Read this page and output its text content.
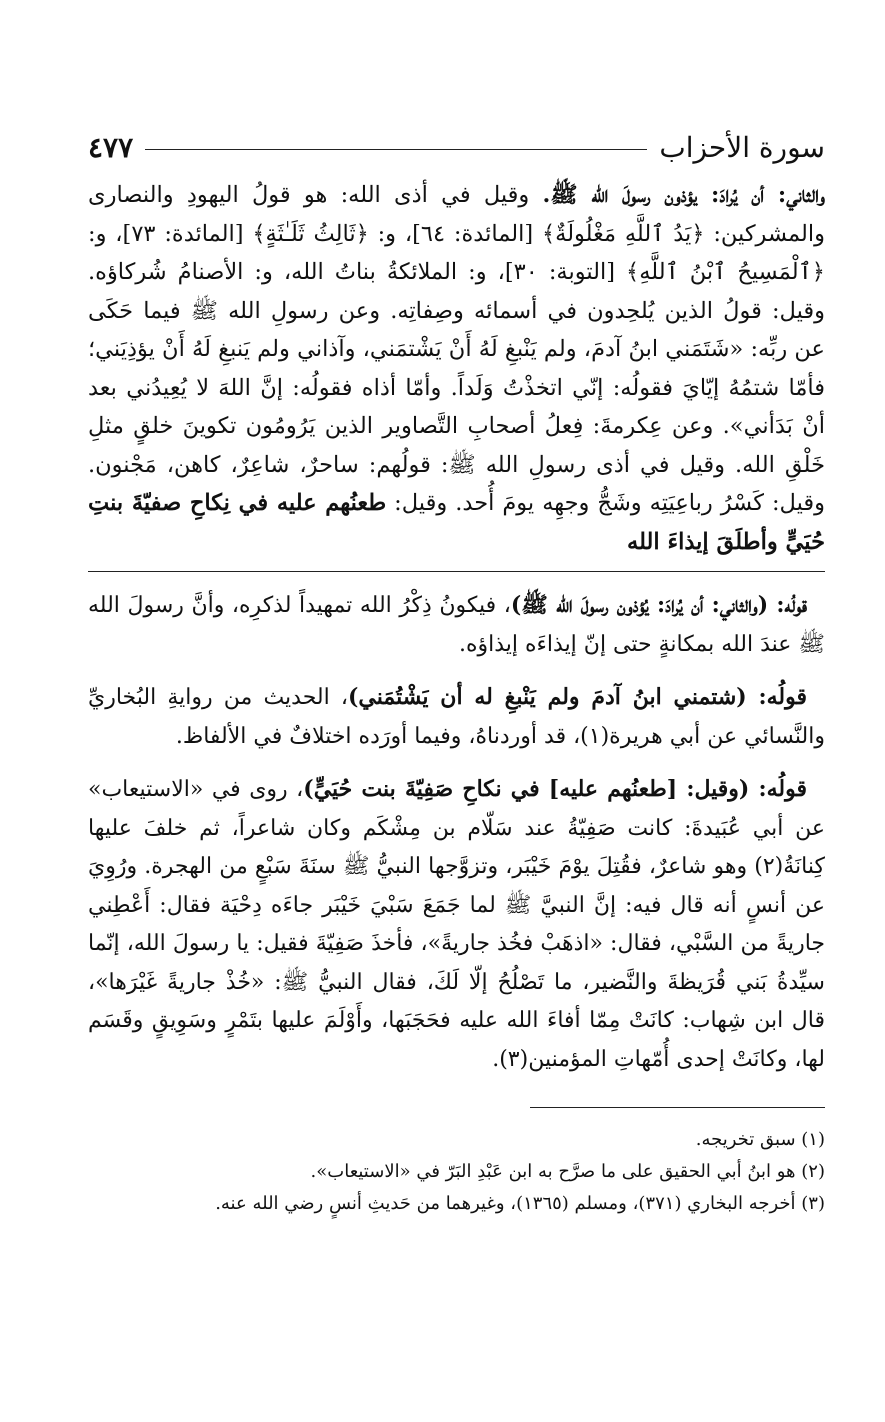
سورة الأحزاب
٤٧٧

والثاني: أن يُرادَ: يؤذون رسولَ الله ﷺ. وقيل في أذى الله: هو قولُ اليهودِ والنصارى والمشركين: ﴿يَدُ ٱللَّهِ مَغْلُولَةٌ﴾ [المائدة: ٦٤]، و: ﴿ثَالِثُ ثَلَـٰثَةٍ﴾ [المائدة: ٧٣]، و: ﴿ٱلْمَسِيحُ ٱبْنُ ٱللَّهِ﴾ [التوبة: ٣٠]، و: الملائكةُ بناتُ الله، و: الأصنامُ شُركاؤه. وقيل: قولُ الذين يُلحِدون في أسمائه وصِفاتِه. وعن رسولِ الله ﷺ فيما حَكَى عن ربِّه: «شَتَمَني ابنُ آدمَ، ولم يَنْبغِ لَهُ أَنْ يَشْتمَني، وآذاني ولم يَنبغِ لَهُ أَنْ يؤذِيَني؛ فأمّا شتمُهُ إيّايَ فقولُه: إنّي اتخذْتُ وَلَداً. وأمّا أذاه فقولُه: إنَّ اللهَ لا يُعِيدُني بعد أنْ بَدَأني». وعن عِكرمةَ: فِعلُ أصحابِ التَّصاوير الذين يَرُومُون تكوينَ خلقٍ مثلِ خَلْقِ الله. وقيل في أذى رسولِ الله ﷺ: قولُهم: ساحرٌ، شاعِرٌ، كاهن، مَجْنون. وقيل: كَسْرُ رباعِيَتِه وشَجُّ وجهِه يومَ أُحد. وقيل: طعنُهم عليه في نِكاحِ صفيّةَ بنتِ حُيَيٍّ وأطلَقَ إيذاءَ الله

قولُه: (والثاني: أن يُرادَ: يُؤذون رسولَ الله ﷺ)، فيكونُ ذِكْرُ الله تمهيداً لذكرِه، وأنَّ رسولَ الله ﷺ عندَ الله بمكانةٍ حتى إنّ إيذاءَه إيذاؤه.

قولُه: (شتمني ابنُ آدمَ ولم يَنْبغِ له أن يَشْتُمَني)، الحديث من روايةِ البُخاريِّ والنَّسائي عن أبي هريرة(١)، قد أوردناهُ، وفيما أورَده اختلافٌ في الألفاظ.

قولُه: (وقيل: [طعنُهم عليه] في نكاحِ صَفِيّةَ بنت حُيَيٍّ)، روى في «الاستيعاب» عن أبي عُبَيدةَ: كانت صَفِيّةُ عند سَلّام بن مِشْكَم وكان شاعراً، ثم خلفَ عليها كِنانَةُ(٢) وهو شاعرٌ، فقُتِلَ يوْمَ خَيْبَر، وتزوَّجها النبيُّ ﷺ سنَةَ سَبْعٍ من الهجرة. ورُوِيَ عن أنسٍ أنه قال فيه: إنَّ النبيَّ ﷺ لما جَمَعَ سَبْيَ خَيْبَر جاءَه دِحْيَة فقال: أَعْطِني جاريةً من السَّبْي، فقال: «اذهَبْ فخُذ جاريةً»، فأخذَ صَفِيّةَ فقيل: يا رسولَ الله، إنّما سيِّدةُ بَني قُرَيظةَ والنَّضير، ما تَصْلُحُ إلّا لَكَ، فقال النبيُّ ﷺ: «خُذْ جاريةً غَيْرَها»، قال ابن شِهاب: كانَتْ مِمّا أفاءَ الله عليه فحَجَبَها، وأَوْلَمَ عليها بتَمْرٍ وسَوِيقٍ وقَسَم لها، وكانَتْ إحدى أُمّهاتِ المؤمنين(٣).

(١) سبق تخريجه.

(٢) هو ابنُ أبي الحقيق على ما صرَّح به ابن عَبْدِ البَرّ في «الاستيعاب».

(٣) أخرجه البخاري (٣٧١)، ومسلم (١٣٦٥)، وغيرهما من حَديثِ أنسٍ رضي الله عنه.
